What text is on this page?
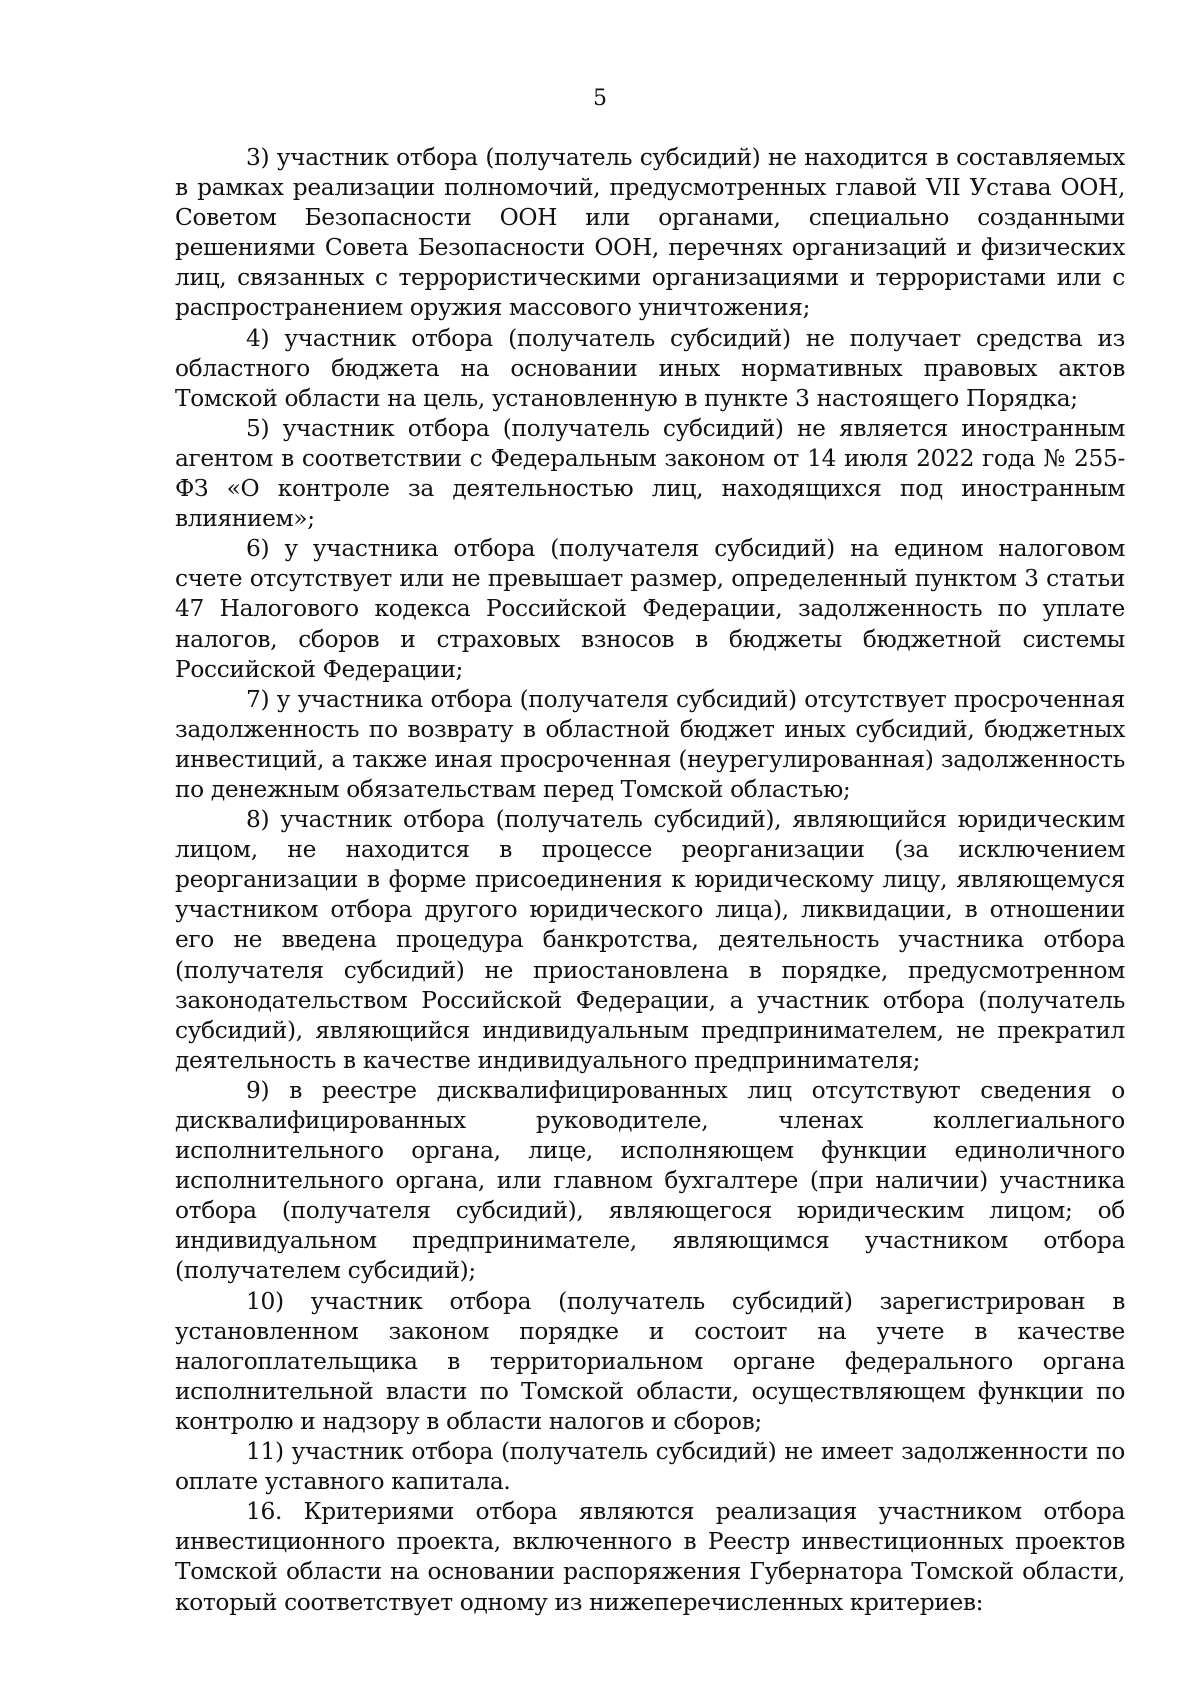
5

3) участник отбора (получатель субсидий) не находится в составляемых в рамках реализации полномочий, предусмотренных главой VII Устава ООН, Советом Безопасности ООН или органами, специально созданными решениями Совета Безопасности ООН, перечнях организаций и физических лиц, связанных с террористическими организациями и террористами или с распространением оружия массового уничтожения;

4) участник отбора (получатель субсидий) не получает средства из областного бюджета на основании иных нормативных правовых актов Томской области на цель, установленную в пункте 3 настоящего Порядка;

5) участник отбора (получатель субсидий) не является иностранным агентом в соответствии с Федеральным законом от 14 июля 2022 года № 255-ФЗ «О контроле за деятельностью лиц, находящихся под иностранным влиянием»;

6) у участника отбора (получателя субсидий) на едином налоговом счете отсутствует или не превышает размер, определенный пунктом 3 статьи 47 Налогового кодекса Российской Федерации, задолженность по уплате налогов, сборов и страховых взносов в бюджеты бюджетной системы Российской Федерации;

7) у участника отбора (получателя субсидий) отсутствует просроченная задолженность по возврату в областной бюджет иных субсидий, бюджетных инвестиций, а также иная просроченная (неурегулированная) задолженность по денежным обязательствам перед Томской областью;

8) участник отбора (получатель субсидий), являющийся юридическим лицом, не находится в процессе реорганизации (за исключением реорганизации в форме присоединения к юридическому лицу, являющемуся участником отбора другого юридического лица), ликвидации, в отношении его не введена процедура банкротства, деятельность участника отбора (получателя субсидий) не приостановлена в порядке, предусмотренном законодательством Российской Федерации, а участник отбора (получатель субсидий), являющийся индивидуальным предпринимателем, не прекратил деятельность в качестве индивидуального предпринимателя;

9) в реестре дисквалифицированных лиц отсутствуют сведения о дисквалифицированных руководителе, членах коллегиального исполнительного органа, лице, исполняющем функции единоличного исполнительного органа, или главном бухгалтере (при наличии) участника отбора (получателя субсидий), являющегося юридическим лицом; об индивидуальном предпринимателе, являющимся участником отбора (получателем субсидий);

10) участник отбора (получатель субсидий) зарегистрирован в установленном законом порядке и состоит на учете в качестве налогоплательщика в территориальном органе федерального органа исполнительной власти по Томской области, осуществляющем функции по контролю и надзору в области налогов и сборов;

11) участник отбора (получатель субсидий) не имеет задолженности по оплате уставного капитала.

16. Критериями отбора являются реализация участником отбора инвестиционного проекта, включенного в Реестр инвестиционных проектов Томской области на основании распоряжения Губернатора Томской области, который соответствует одному из нижеперечисленных критериев:
